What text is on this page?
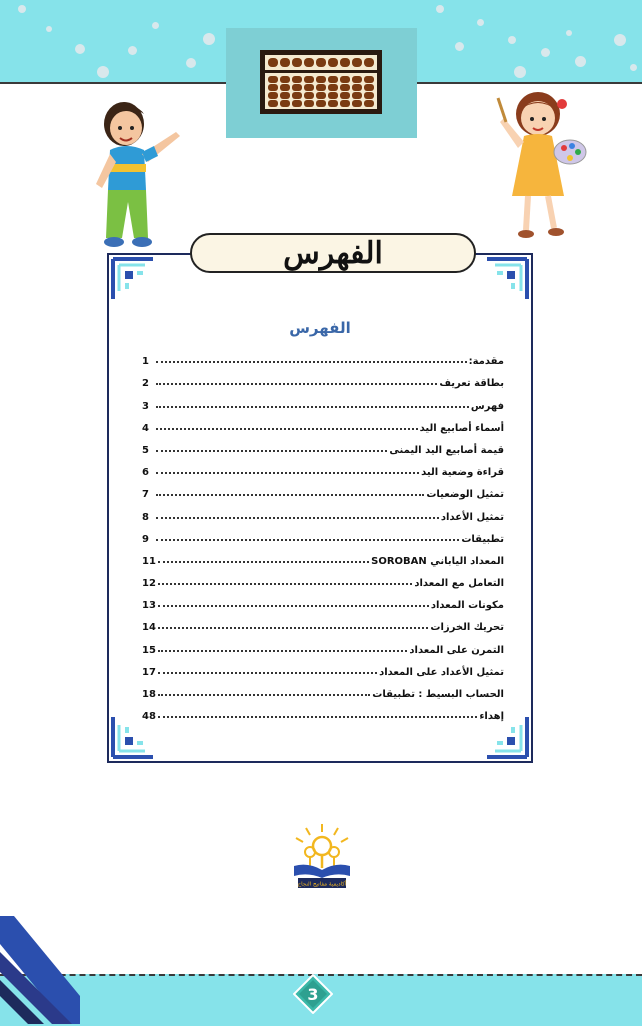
الفهرس
مقدمة:
1
بطاقة تعريف
2
فهرس
3
أسماء أصابيع اليد
4
قيمة أصابيع اليد اليمنى
5
قراءة وضعية اليد
6
تمثيل الوضعيات
7
تمثيل الأعداد
8
تطبيقات
9
المعداد الياباني SOROBAN
11
التعامل مع المعداد
12
مكونات المعداد
13
تحريك الخرزات
14
التمرن على المعداد
15
تمثيل الأعداد على المعداد
17
الحساب البسيط : تطبيقات
18
إهداء
48
الفهرس
أكاديمية مفاتيح النجاح
3
